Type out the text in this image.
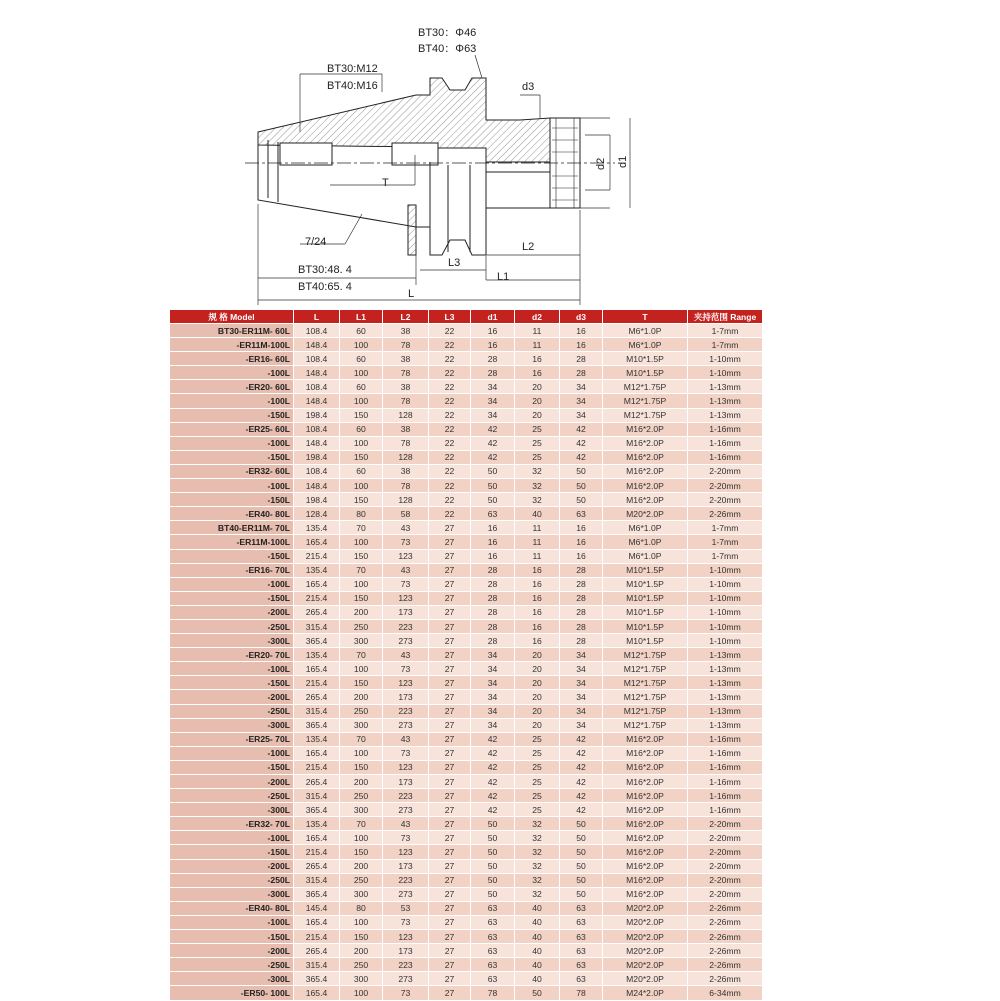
BT30：Φ46
BT40：Φ63
BT30:M12
BT40:M16	d3
d2 d1
T
7/24	L2
L3
L1
BT30:48. 4
BT40:65. 4
L
规 格 Model	L	L1	L2	L3	d1	d2	d3	T	夹持范围 Range
BT30-ER11M- 60L	108.4	60	38	22	16	11	16	M6*1.0P	1-7mm
-ER11M-100L	148.4	100	78	22	16	11	16	M6*1.0P	1-7mm
-ER16- 60L	108.4	60	38	22	28	16	28	M10*1.5P	1-10mm
-100L	148.4	100	78	22	28	16	28	M10*1.5P	1-10mm
-ER20- 60L	108.4	60	38	22	34	20	34	M12*1.75P	1-13mm
-100L	148.4	100	78	22	34	20	34	M12*1.75P	1-13mm
-150L	198.4	150	128	22	34	20	34	M12*1.75P	1-13mm
-ER25- 60L	108.4	60	38	22	42	25	42	M16*2.0P	1-16mm
-100L	148.4	100	78	22	42	25	42	M16*2.0P	1-16mm
-150L	198.4	150	128	22	42	25	42	M16*2.0P	1-16mm
-ER32- 60L	108.4	60	38	22	50	32	50	M16*2.0P	2-20mm
-100L	148.4	100	78	22	50	32	50	M16*2.0P	2-20mm
-150L	198.4	150	128	22	50	32	50	M16*2.0P	2-20mm
-ER40- 80L	128.4	80	58	22	63	40	63	M20*2.0P	2-26mm
BT40-ER11M- 70L	135.4	70	43	27	16	11	16	M6*1.0P	1-7mm
-ER11M-100L	165.4	100	73	27	16	11	16	M6*1.0P	1-7mm
-150L	215.4	150	123	27	16	11	16	M6*1.0P	1-7mm
-ER16- 70L	135.4	70	43	27	28	16	28	M10*1.5P	1-10mm
-100L	165.4	100	73	27	28	16	28	M10*1.5P	1-10mm
-150L	215.4	150	123	27	28	16	28	M10*1.5P	1-10mm
-200L	265.4	200	173	27	28	16	28	M10*1.5P	1-10mm
-250L	315.4	250	223	27	28	16	28	M10*1.5P	1-10mm
-300L	365.4	300	273	27	28	16	28	M10*1.5P	1-10mm
-ER20- 70L	135.4	70	43	27	34	20	34	M12*1.75P	1-13mm
-100L	165.4	100	73	27	34	20	34	M12*1.75P	1-13mm
-150L	215.4	150	123	27	34	20	34	M12*1.75P	1-13mm
-200L	265.4	200	173	27	34	20	34	M12*1.75P	1-13mm
-250L	315.4	250	223	27	34	20	34	M12*1.75P	1-13mm
-300L	365.4	300	273	27	34	20	34	M12*1.75P	1-13mm
-ER25- 70L	135.4	70	43	27	42	25	42	M16*2.0P	1-16mm
-100L	165.4	100	73	27	42	25	42	M16*2.0P	1-16mm
-150L	215.4	150	123	27	42	25	42	M16*2.0P	1-16mm
-200L	265.4	200	173	27	42	25	42	M16*2.0P	1-16mm
-250L	315.4	250	223	27	42	25	42	M16*2.0P	1-16mm
-300L	365.4	300	273	27	42	25	42	M16*2.0P	1-16mm
-ER32- 70L	135.4	70	43	27	50	32	50	M16*2.0P	2-20mm
-100L	165.4	100	73	27	50	32	50	M16*2.0P	2-20mm
-150L	215.4	150	123	27	50	32	50	M16*2.0P	2-20mm
-200L	265.4	200	173	27	50	32	50	M16*2.0P	2-20mm
-250L	315.4	250	223	27	50	32	50	M16*2.0P	2-20mm
-300L	365.4	300	273	27	50	32	50	M16*2.0P	2-20mm
-ER40- 80L	145.4	80	53	27	63	40	63	M20*2.0P	2-26mm
-100L	165.4	100	73	27	63	40	63	M20*2.0P	2-26mm
-150L	215.4	150	123	27	63	40	63	M20*2.0P	2-26mm
-200L	265.4	200	173	27	63	40	63	M20*2.0P	2-26mm
-250L	315.4	250	223	27	63	40	63	M20*2.0P	2-26mm
-300L	365.4	300	273	27	63	40	63	M20*2.0P	2-26mm
-ER50- 100L	165.4	100	73	27	78	50	78	M24*2.0P	6-34mm
